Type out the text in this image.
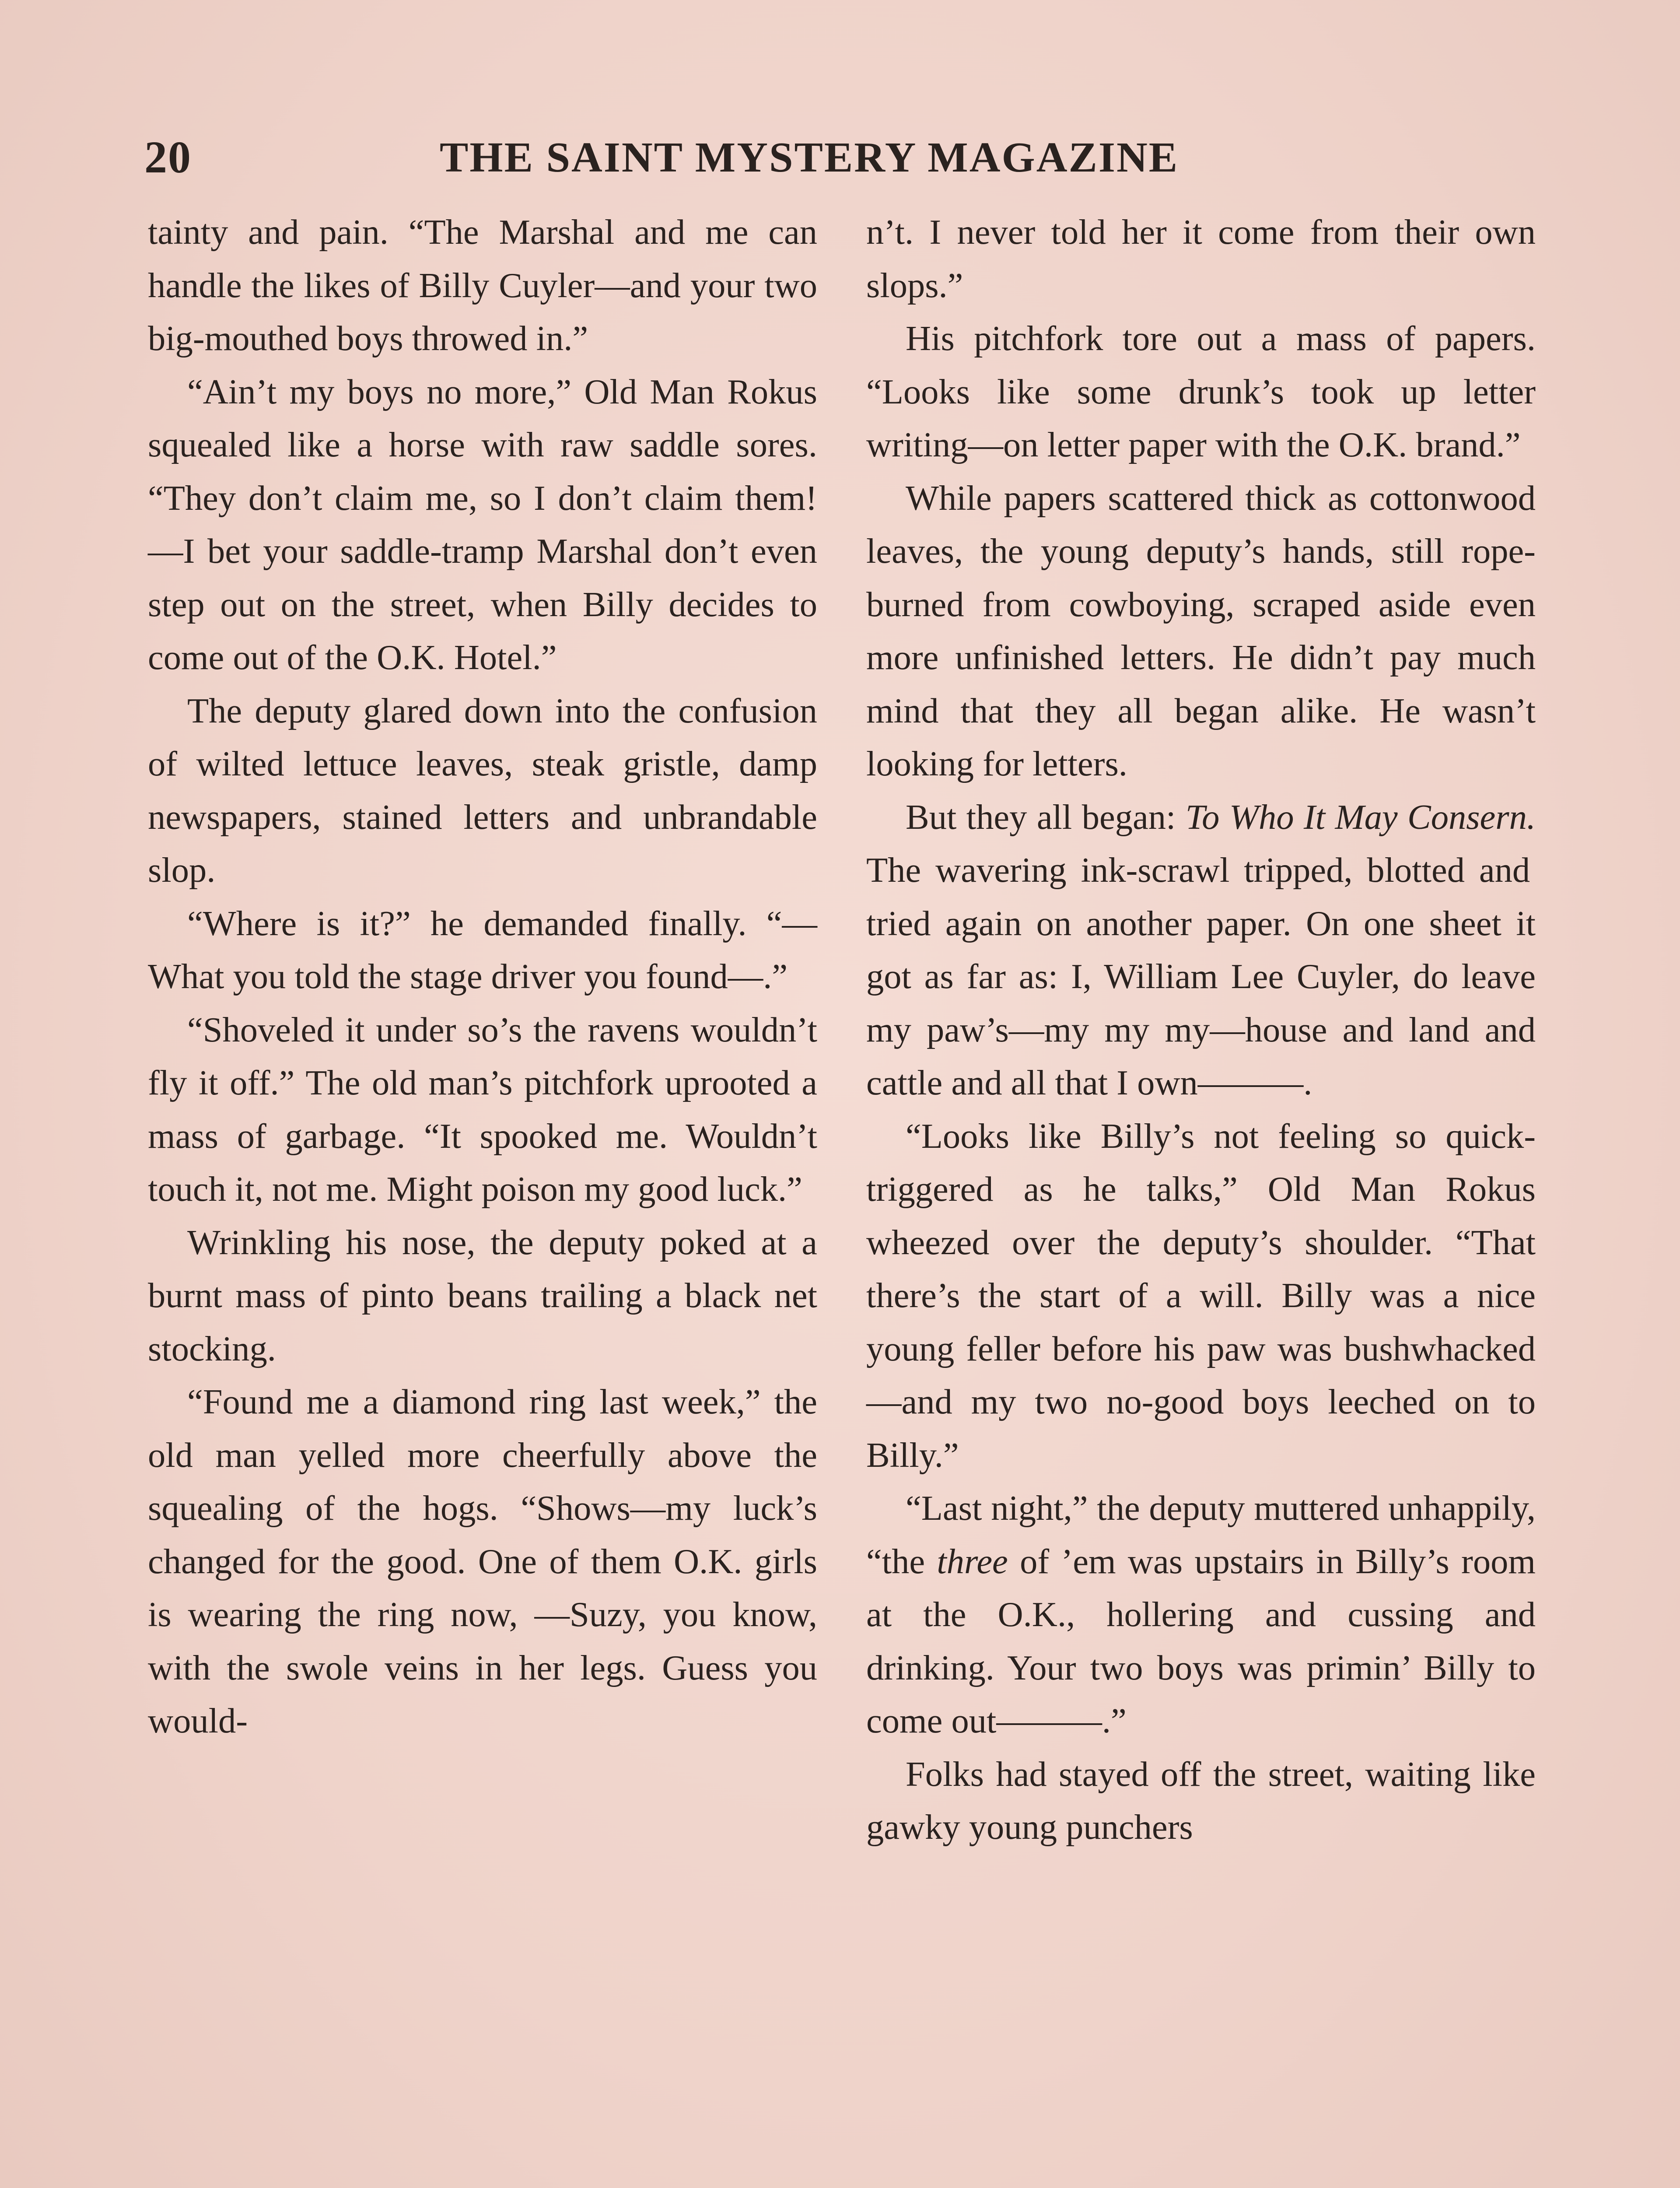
20	THE SAINT MYSTERY MAGAZINE

tainty and pain. “The Marshal and me can handle the likes of Billy Cuyler—and your two big-mouthed boys throwed in.”

“Ain’t my boys no more,” Old Man Rokus squealed like a horse with raw saddle sores. “They don’t claim me, so I don’t claim them!—I bet your saddle-tramp Marshal don’t even step out on the street, when Billy decides to come out of the O.K. Hotel.”

The deputy glared down into the confusion of wilted lettuce leaves, steak gristle, damp newspapers, stained letters and unbrandable slop.

“Where is it?” he demanded finally. “—What you told the stage driver you found—.”

“Shoveled it under so’s the ravens wouldn’t fly it off.” The old man’s pitchfork uprooted a mass of garbage. “It spooked me. Wouldn’t touch it, not me. Might poison my good luck.”

Wrinkling his nose, the deputy poked at a burnt mass of pinto beans trailing a black net stocking.

“Found me a diamond ring last week,” the old man yelled more cheerfully above the squealing of the hogs. “Shows—my luck’s changed for the good. One of them O.K. girls is wearing the ring now, —Suzy, you know, with the swole veins in her legs. Guess you would-

n’t. I never told her it come from their own slops.”

His pitchfork tore out a mass of papers. “Looks like some drunk’s took up letter writing—on letter paper with the O.K. brand.”

While papers scattered thick as cottonwood leaves, the young deputy’s hands, still rope-burned from cowboying, scraped aside even more unfinished letters. He didn’t pay much mind that they all began alike. He wasn’t looking for letters.

But they all began: To Who It May Consern. The wavering ink-scrawl tripped, blotted and tried again on another paper. On one sheet it got as far as: I, William Lee Cuyler, do leave my paw’s—my my my—house and land and cattle and all that I own———.

“Looks like Billy’s not feeling so quick-triggered as he talks,” Old Man Rokus wheezed over the deputy’s shoulder. “That there’s the start of a will. Billy was a nice young feller before his paw was bushwhacked—and my two no-good boys leeched on to Billy.”

“Last night,” the deputy muttered unhappily, “the three of ’em was upstairs in Billy’s room at the O.K., hollering and cussing and drinking. Your two boys was primin’ Billy to come out———.”

Folks had stayed off the street, waiting like gawky young punchers
